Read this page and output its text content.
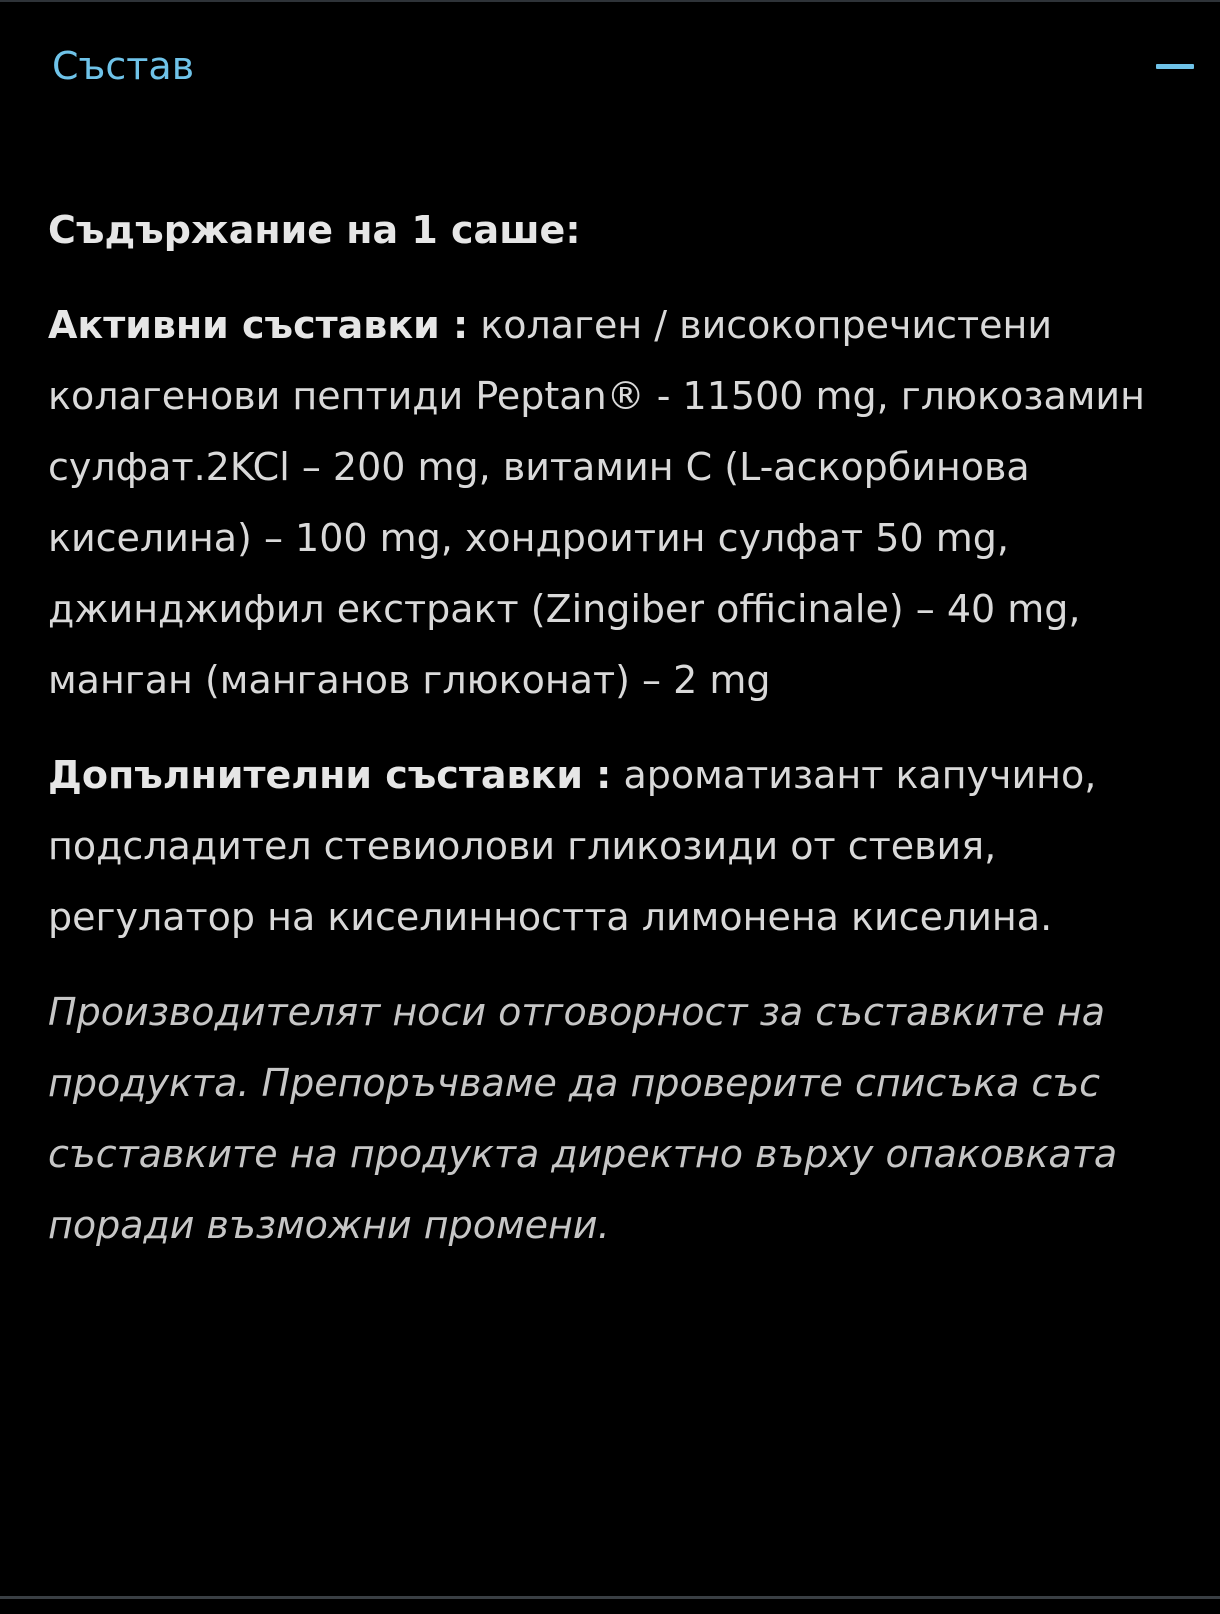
Състав

Съдържание на 1 саше:

Активни съставки : колаген / високопречистени колагенови пептиди Peptan® - 11500 mg, глюкозамин сулфат.2KCl – 200 mg, витамин С (L-аскорбинова киселина) – 100 mg, хондроитин сулфат 50 mg, джинджифил екстракт (Zingiber officinale) – 40 mg, манган (манганов глюконат) – 2 mg

Допълнителни съставки : ароматизант капучино, подсладител стевиолови гликозиди от стевия, регулатор на киселинността лимонена киселина.

Производителят носи отговорност за съставките на продукта. Препоръчваме да проверите списъка със съставките на продукта директно върху опаковката поради възможни промени.
